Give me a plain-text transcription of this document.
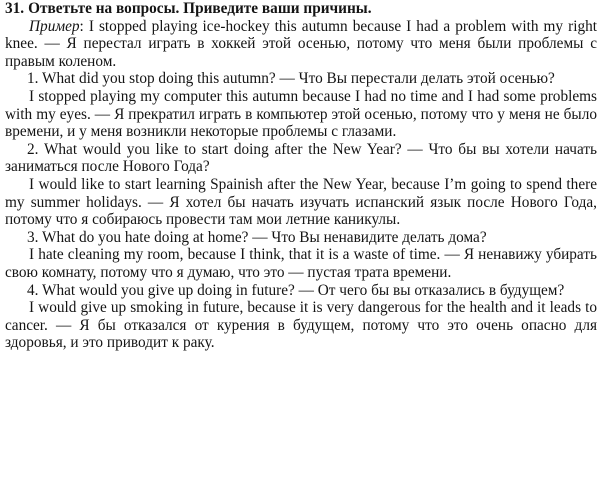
31. Ответьте на вопросы. Приведите ваши причины.

Пример: I stopped playing ice-hockey this autumn because I had a problem with my right knee. — Я перестал играть в хоккей этой осенью, потому что меня были проблемы с правым коленом.

1. What did you stop doing this autumn? — Что Вы перестали делать этой осенью?

I stopped playing my computer this autumn because I had no time and I had some problems with my eyes. — Я прекратил играть в компьютер этой осенью, потому что у меня не было времени, и у меня возникли некоторые проблемы с глазами.

2. What would you like to start doing after the New Year? — Что бы вы хотели начать заниматься после Нового Года?

I would like to start learning Spainish after the New Year, because I’m going to spend there my summer holidays. — Я хотел бы начать изучать испанский язык после Нового Года, потому что я собираюсь провести там мои летние каникулы.

3. What do you hate doing at home? — Что Вы ненавидите делать дома?

I hate cleaning my room, because I think, that it is a waste of time. — Я ненавижу убирать свою комнату, потому что я думаю, что это — пустая трата времени.

4. What would you give up doing in future? — От чего бы вы отказались в будущем?

I would give up smoking in future, because it is very dangerous for the health and it leads to cancer. — Я бы отказался от курения в будущем, потому что это очень опасно для здоровья, и это приводит к раку.
